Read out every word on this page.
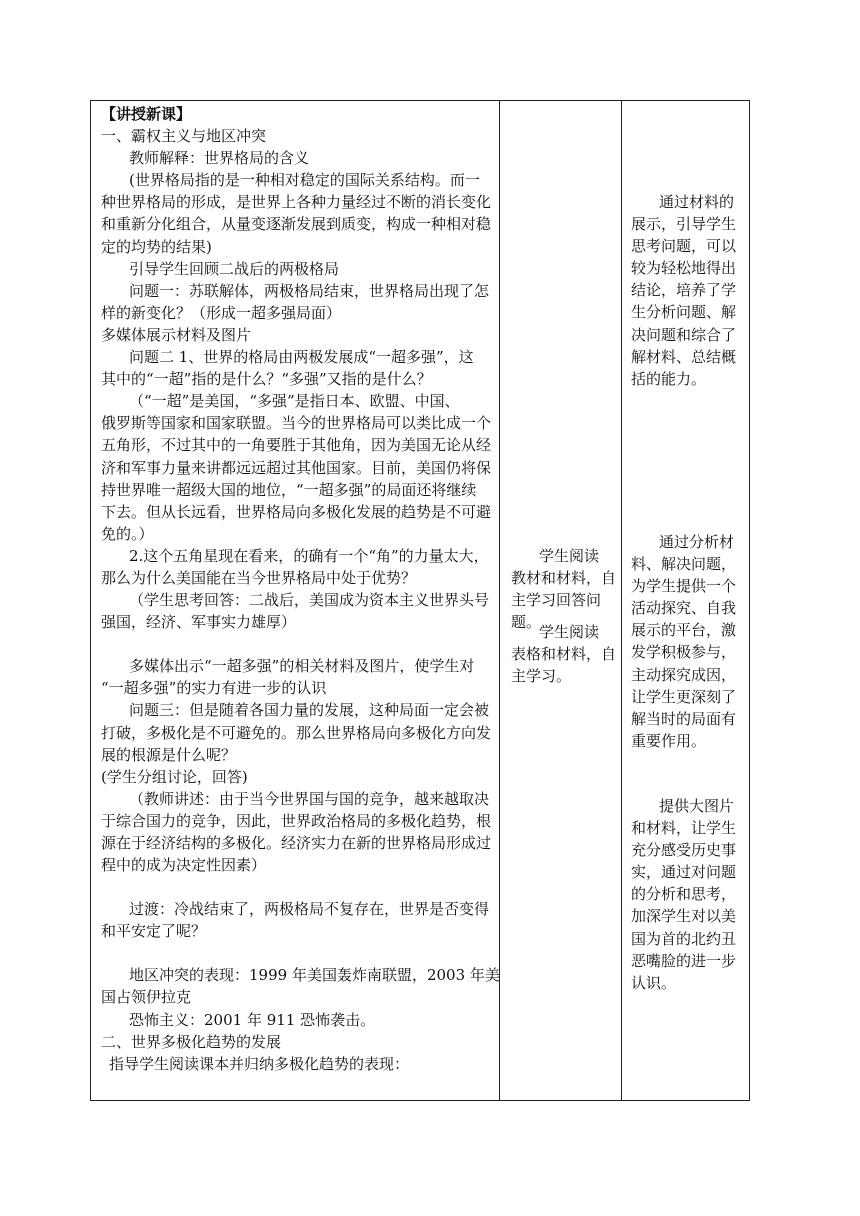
【讲授新课】

一、霸权主义与地区冲突

教师解释：世界格局的含义

(世界格局指的是一种相对稳定的国际关系结构。而一

种世界格局的形成，是世界上各种力量经过不断的消长变化

和重新分化组合，从量变逐渐发展到质变，构成一种相对稳

定的均势的结果)

引导学生回顾二战后的两极格局

问题一：苏联解体，两极格局结束，世界格局出现了怎

样的新变化？（形成一超多强局面）

多媒体展示材料及图片

问题二 1、世界的格局由两极发展成“一超多强”，这

其中的“一超”指的是什么？“多强”又指的是什么？

（“一超”是美国，“多强”是指日本、欧盟、中国、

俄罗斯等国家和国家联盟。当今的世界格局可以类比成一个

五角形，不过其中的一角要胜于其他角，因为美国无论从经

济和军事力量来讲都远远超过其他国家。目前，美国仍将保

持世界唯一超级大国的地位，“一超多强”的局面还将继续

下去。但从长远看，世界格局向多极化发展的趋势是不可避

免的。）

2.这个五角星现在看来，的确有一个“角”的力量太大，

那么为什么美国能在当今世界格局中处于优势？

（学生思考回答：二战后，美国成为资本主义世界头号

强国，经济、军事实力雄厚）

多媒体出示“一超多强”的相关材料及图片，使学生对

“一超多强”的实力有进一步的认识

问题三：但是随着各国力量的发展，这种局面一定会被

打破，多极化是不可避免的。那么世界格局向多极化方向发

展的根源是什么呢？

(学生分组讨论，回答)

（教师讲述：由于当今世界国与国的竞争，越来越取决

于综合国力的竞争，因此，世界政治格局的多极化趋势，根

源在于经济结构的多极化。经济实力在新的世界格局形成过

程中的成为决定性因素）

过渡：冷战结束了，两极格局不复存在，世界是否变得

和平安定了呢？

地区冲突的表现：1999 年美国轰炸南联盟，2003 年美

国占领伊拉克

恐怖主义：2001 年 911 恐怖袭击。

二、世界多极化趋势的发展

指导学生阅读课本并归纳多极化趋势的表现：

学生阅读

教材和材料，自

主学习回答问

题。

学生阅读

表格和材料，自

主学习。

通过材料的

展示，引导学生

思考问题，可以

较为轻松地得出

结论，培养了学

生分析问题、解

决问题和综合了

解材料、总结概

括的能力。

通过分析材

料、解决问题，

为学生提供一个

活动探究、自我

展示的平台，激

发学积极参与，

主动探究成因，

让学生更深刻了

解当时的局面有

重要作用。

提供大图片

和材料，让学生

充分感受历史事

实，通过对问题

的分析和思考，

加深学生对以美

国为首的北约丑

恶嘴脸的进一步

认识。
